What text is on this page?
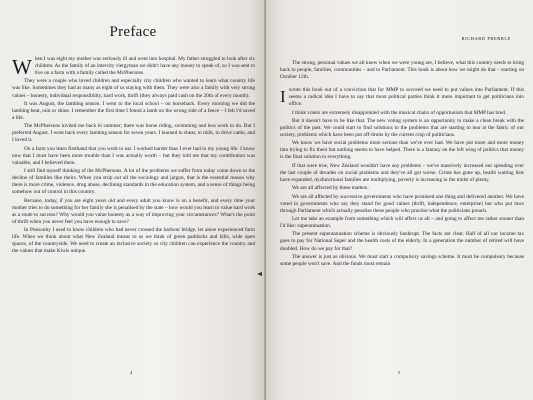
Preface

When I was eight my mother was seriously ill and went into hospital. My father struggled to look after six children. As the family of an intercity clergyman we didn't have any money to speak of, so I was sent to live on a farm with a family called the McPhersons.

They were a couple who loved children and especially city children who wanted to learn what country life was like. Sometimes they had as many as eight of us staying with them. They were also a family with very strong values – honesty, individual responsibility, hard work, thrift (they always paid cash on the 20th of every month).

It was August, the lambing season. I went to the local school – on horseback. Every morning we did the lambing beat, rain or shine. I remember the first time I found a lamb on the wrong side of a fence – I felt I'd saved a life.

The McPhersons invited me back in summer; there was horse riding, swimming and less work to do. But I preferred August. I went back every lambing season for seven years. I learned to shear, to milk, to drive cattle, and I loved it.

On a farm you learn firsthand that you work to eat. I worked harder than I ever had in my young life. I know now that I must have been more trouble than I was actually worth – but they told me that my contribution was valuable, and I believed them.

I still find myself thinking of the McPhersons. A lot of the problems we suffer from today come down to the decline of families like theirs. When you strip out all the sociology and jargon, that is the essential reason why there is more crime, violence, drug abuse, declining standards in the education system, and a sense of things being somehow out of control in this country.

Because, today, if you are eight years old and every adult you know is on a benefit, and every time your mother tries to do something for her family she is penalised by the state – how would you learn to value hard work as a route to success? Why would you value honesty as a way of improving your circumstances? What's the point of thrift when you never feel you have enough to save?

In Ponsonby I used to know children who had never crossed the harbour bridge, let alone experienced farm life. When we think about what New Zealand means to us we think of green paddocks and hills, wide open spaces, of the countryside. We need to create an inclusive society so city children can experience the country and the values that make Kiwis unique.

4
RICHARD PREBBLE

The strong, personal values we all knew when we were young are, I believe, what this country needs to bring back to people, families, communities – and to Parliament. This book is about how we might do that – starting on October 12th.

Iwrote this book out of a conviction that for MMP to succeed we need to put values into Parliament. If this seems a radical idea I have to say that most political parties think it more important to get politicians into office.

I think voters are extremely disappointed with the musical chairs of opportunism that MMP has bred.

But it doesn't have to be like that. The new voting system is an opportunity to make a clean break with the politics of the past. We could start to find solutions to the problems that are starting to tear at the fabric of our society, problems which have been put off-limits by the current crop of politicians.

We know we have social problems more serious than we've ever had. We have put more and more money into trying to fix them but nothing seems to have helped. There is a fantasy on the left wing of politics that money is the final solution to everything.

If that were true, New Zealand wouldn't have any problems – we've massively increased our spending over the last couple of decades on social problems and they've all got worse. Crime has gone up, health waiting lists have expanded, dysfunctional families are multiplying, poverty is increasing in the midst of plenty.

We are all affected by these matters.

We are all affected by successive governments who have promised one thing and delivered another. We have voted in governments who say they stand for good values (thrift, independence, enterprise) but who put laws through Parliament which actually penalise these people who practise what the politicians preach.

Let me take an example from something which will affect us all – and going to affect me rather sooner than I'd like: superannuation.

The present superannuation scheme is obviously bankrupt. The facts are clear. Half of all our income tax goes to pay for National Super and the health costs of the elderly. In a generation the number of retired will have doubled. How do we pay for that?

The answer is just as obvious. We must start a compulsory savings scheme. It must be compulsory because some people won't save. And the funds must remain

5
